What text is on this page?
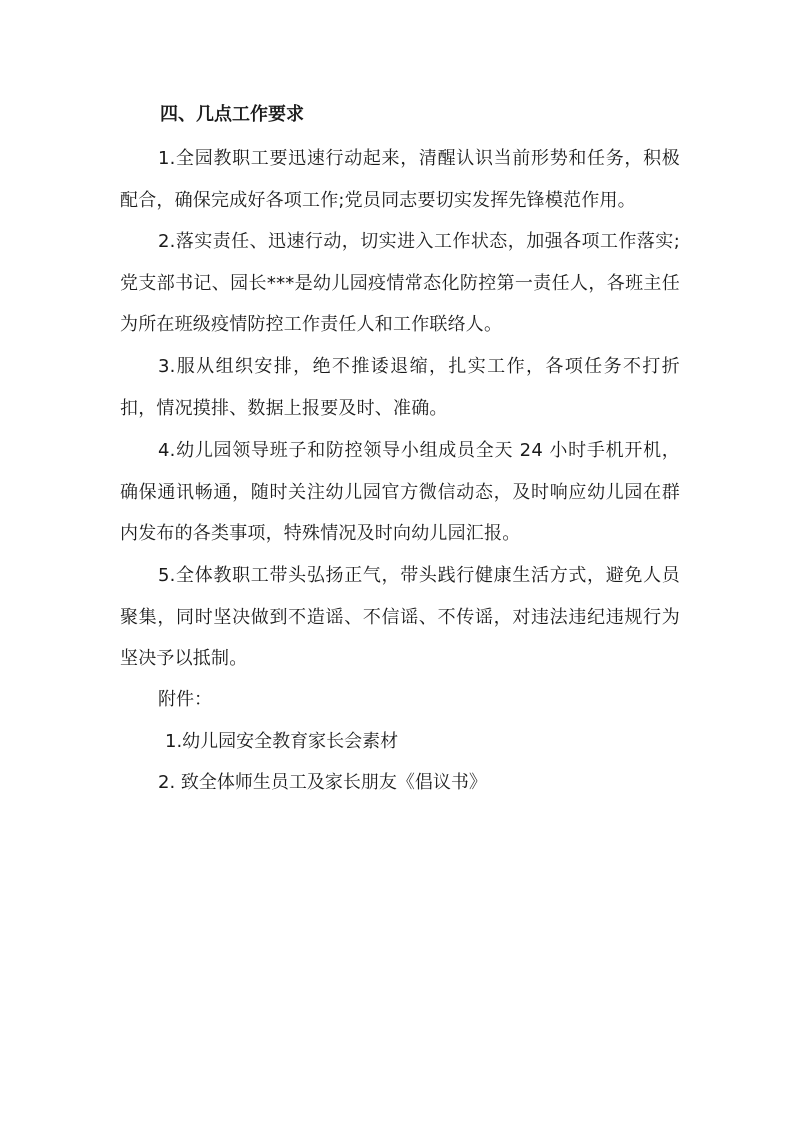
四、几点工作要求

1.全园教职工要迅速行动起来，清醒认识当前形势和任务，积极配合，确保完成好各项工作;党员同志要切实发挥先锋模范作用。

2.落实责任、迅速行动，切实进入工作状态，加强各项工作落实;党支部书记、园长***是幼儿园疫情常态化防控第一责任人，各班主任为所在班级疫情防控工作责任人和工作联络人。

3.服从组织安排，绝不推诿退缩，扎实工作，各项任务不打折扣，情况摸排、数据上报要及时、准确。

4.幼儿园领导班子和防控领导小组成员全天 24 小时手机开机，确保通讯畅通，随时关注幼儿园官方微信动态，及时响应幼儿园在群内发布的各类事项，特殊情况及时向幼儿园汇报。

5.全体教职工带头弘扬正气，带头践行健康生活方式，避免人员聚集，同时坚决做到不造谣、不信谣、不传谣，对违法违纪违规行为坚决予以抵制。

附件：
1.幼儿园安全教育家长会素材
2. 致全体师生员工及家长朋友《倡议书》
